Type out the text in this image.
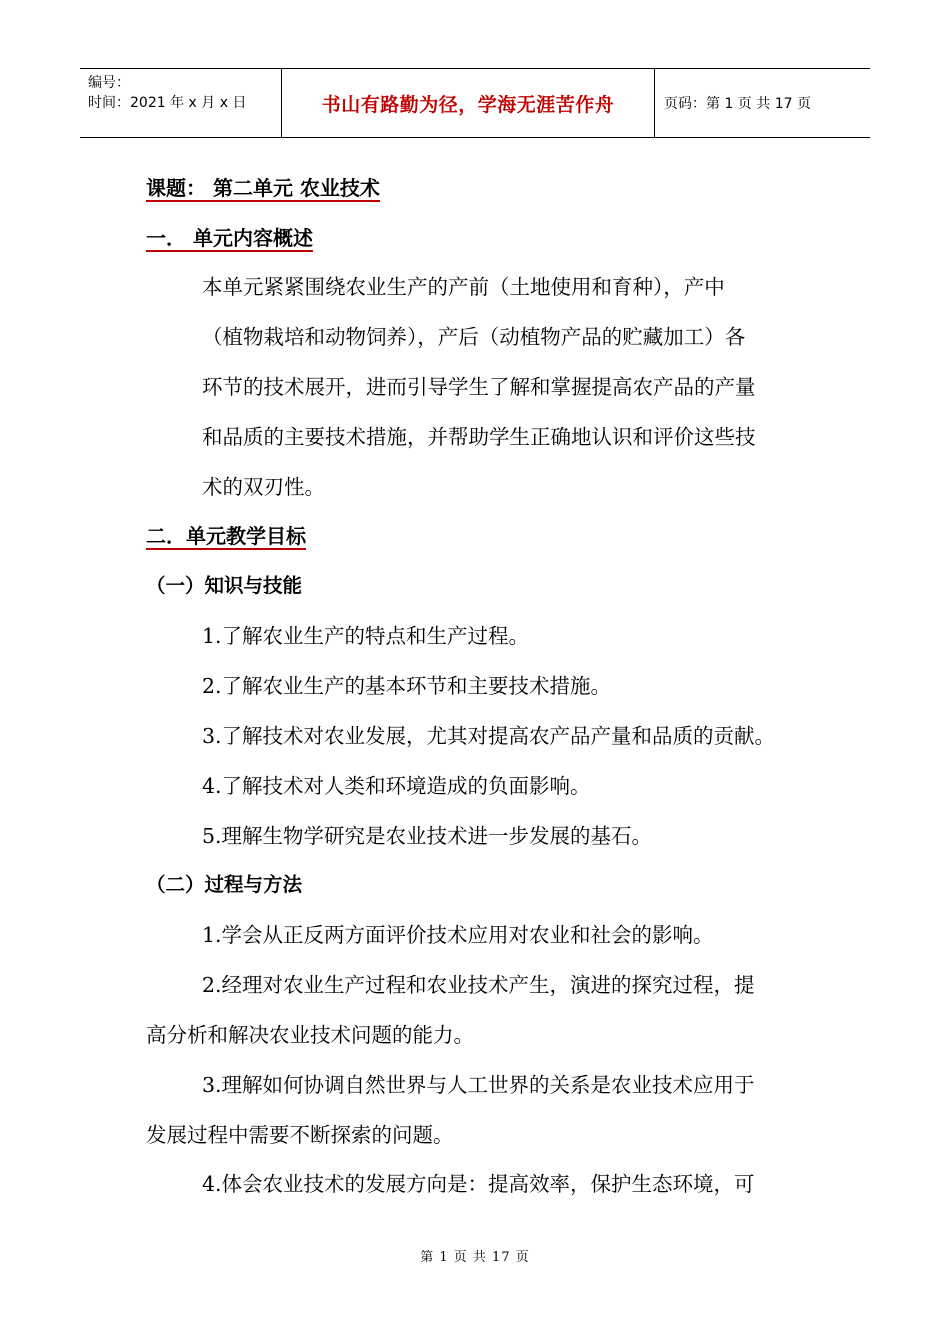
编号：
时间：2021 年 x 月 x 日	书山有路勤为径，学海无涯苦作舟	页码：第 1 页 共 17 页
课题： 第二单元 农业技术
一． 单元内容概述
本单元紧紧围绕农业生产的产前（土地使用和育种），产中
（植物栽培和动物饲养），产后（动植物产品的贮藏加工）各
环节的技术展开，进而引导学生了解和掌握提高农产品的产量
和品质的主要技术措施，并帮助学生正确地认识和评价这些技
术的双刃性。
二．单元教学目标
（一）知识与技能
1.了解农业生产的特点和生产过程。
2.了解农业生产的基本环节和主要技术措施。
3.了解技术对农业发展，尤其对提高农产品产量和品质的贡献。
4.了解技术对人类和环境造成的负面影响。
5.理解生物学研究是农业技术进一步发展的基石。
（二）过程与方法
1.学会从正反两方面评价技术应用对农业和社会的影响。
2.经理对农业生产过程和农业技术产生，演进的探究过程，提
高分析和解决农业技术问题的能力。
3.理解如何协调自然世界与人工世界的关系是农业技术应用于
发展过程中需要不断探索的问题。
4.体会农业技术的发展方向是：提高效率，保护生态环境，可
第 1 页 共 17 页
